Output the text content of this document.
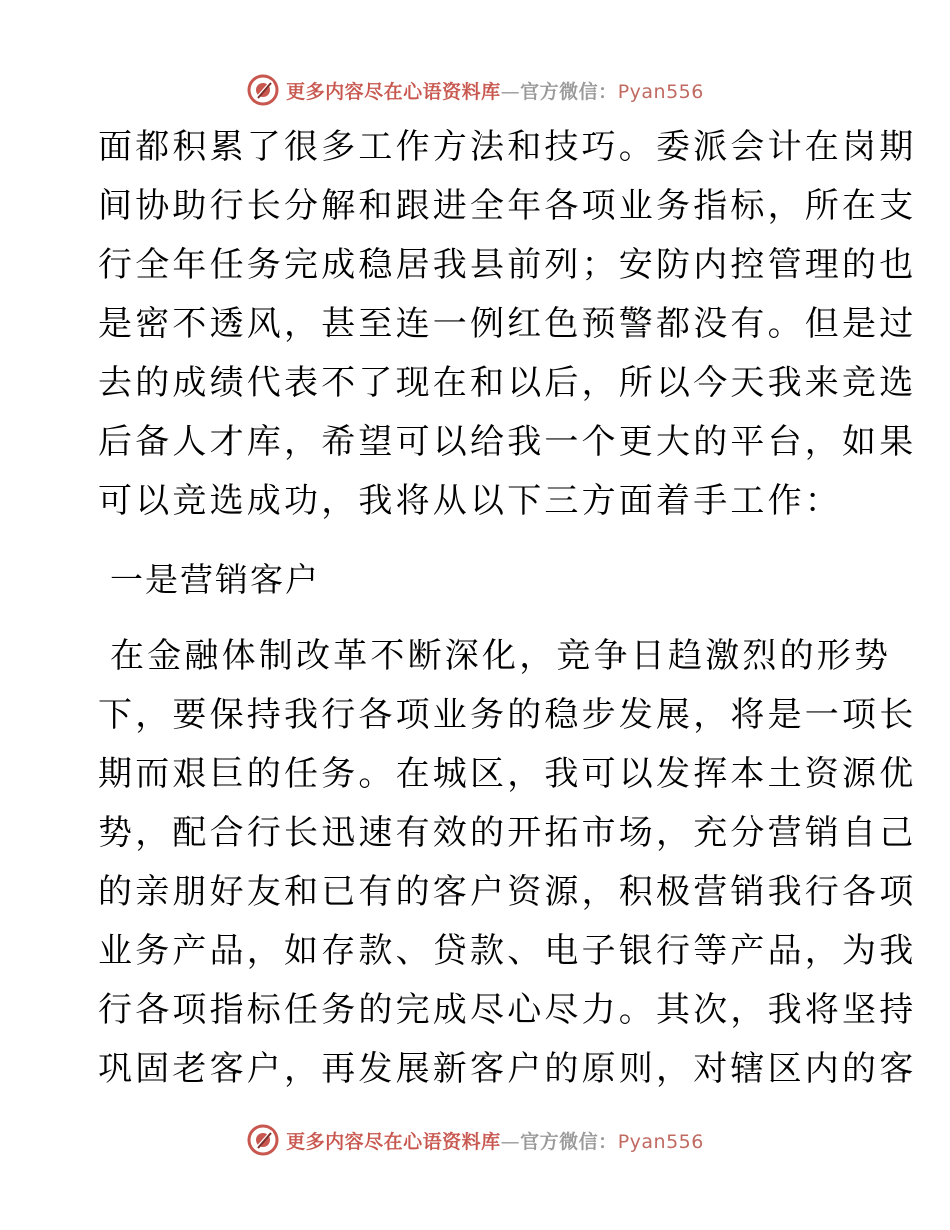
更多内容尽在心语资料库—官方微信：Pyan556
面都积累了很多工作方法和技巧。委派会计在岗期
间协助行长分解和跟进全年各项业务指标，所在支
行全年任务完成稳居我县前列；安防内控管理的也
是密不透风，甚至连一例红色预警都没有。但是过
去的成绩代表不了现在和以后，所以今天我来竞选
后备人才库，希望可以给我一个更大的平台，如果
可以竞选成功，我将从以下三方面着手工作：
一是营销客户
在金融体制改革不断深化，竞争日趋激烈的形势
下，要保持我行各项业务的稳步发展，将是一项长
期而艰巨的任务。在城区，我可以发挥本土资源优
势，配合行长迅速有效的开拓市场，充分营销自己
的亲朋好友和已有的客户资源，积极营销我行各项
业务产品，如存款、贷款、电子银行等产品，为我
行各项指标任务的完成尽心尽力。其次，我将坚持
巩固老客户，再发展新客户的原则，对辖区内的客
更多内容尽在心语资料库—官方微信：Pyan556
